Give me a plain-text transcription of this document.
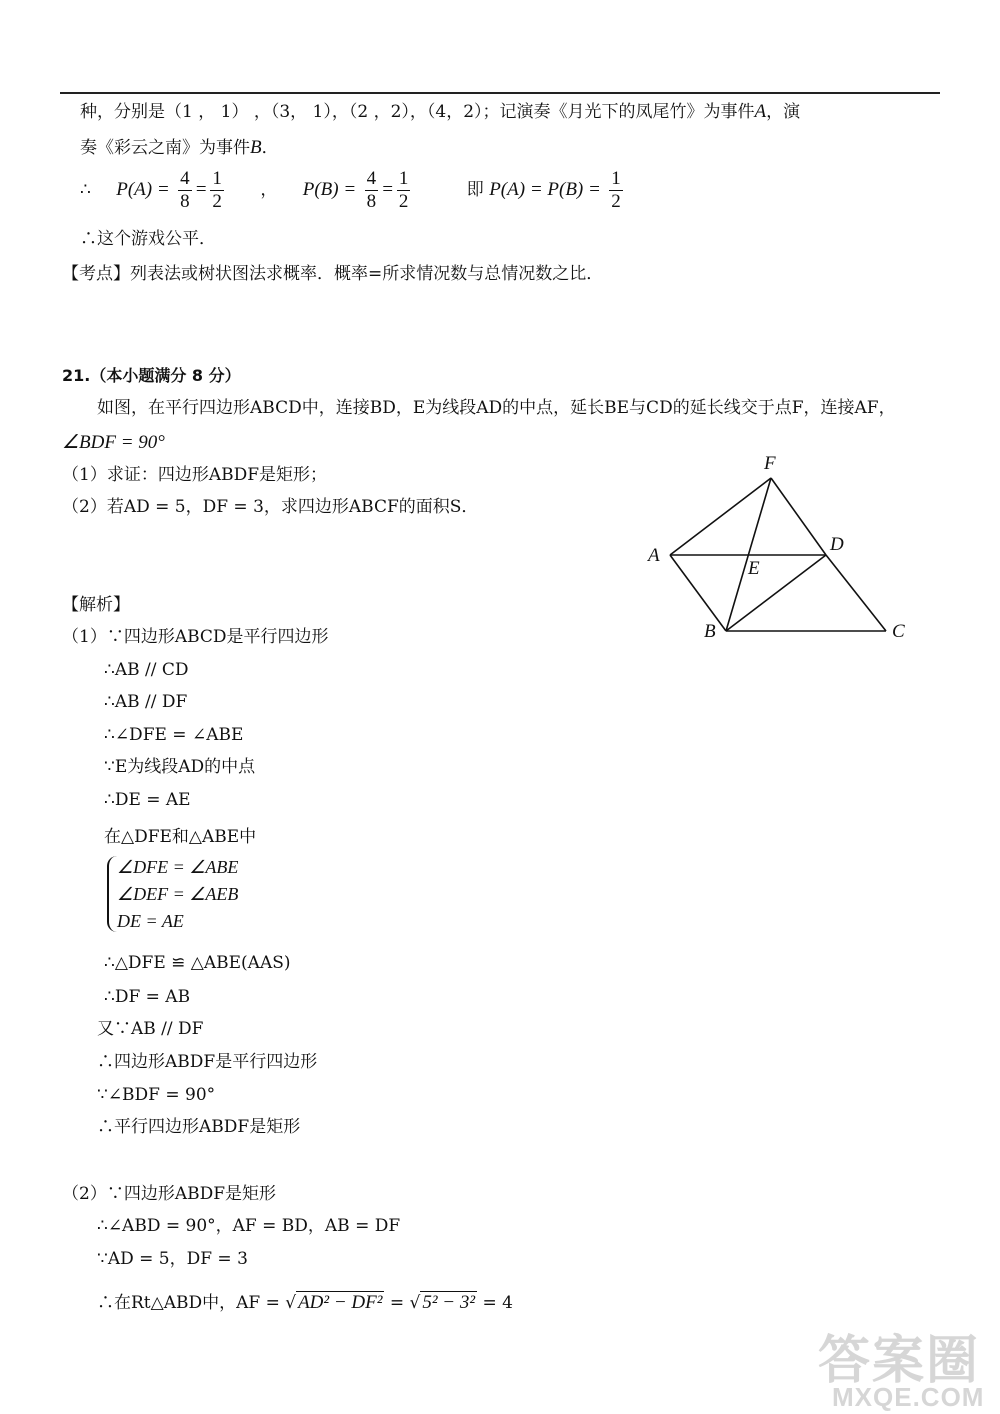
种，分别是（1 ， 1） ，（3， 1），（2 ，2），（4，2）；记演奏《月光下的凤尾竹》为事件A，演
奏《彩云之南》为事件B．
∴ $P(A) = \frac{4}{8} = \frac{1}{2}$ ， $P(B) = \frac{4}{8} = \frac{1}{2}$	即 $P(A) = P(B) = \frac{1}{2}$
∴这个游戏公平．
【考点】列表法或树状图法求概率．概率=所求情况数与总情况数之比．
21.（本小题满分 8 分）
如图，在平行四边形ABCD中，连接BD，E为线段AD的中点，延长BE与CD的延长线交于点F，连接AF，
∠BDF = 90°
（1）求证：四边形ABDF是矩形；
（2）若AD = 5，DF = 3，求四边形ABCF的面积S．
F
A
D
E
B	C
【解析】
（1）∵四边形ABCD是平行四边形
∴AB // CD
∴AB // DF
∴∠DFE = ∠ABE
∵E为线段AD的中点
∴DE = AE
在△DFE和△ABE中
∠DFE = ∠ABE
∠DEF = ∠AEB
DE = AE
∴△DFE ≌ △ABE(AAS)
∴DF = AB
又∵AB // DF
∴四边形ABDF是平行四边形
∵∠BDF = 90°
∴平行四边形ABDF是矩形
（2）∵四边形ABDF是矩形
∴∠ABD = 90°，AF = BD，AB = DF
∵AD = 5，DF = 3
∴在Rt△ABD中，AF = √ AD² − DF² = √ 5² − 3² = 4
答案圈
MXQE.COM
